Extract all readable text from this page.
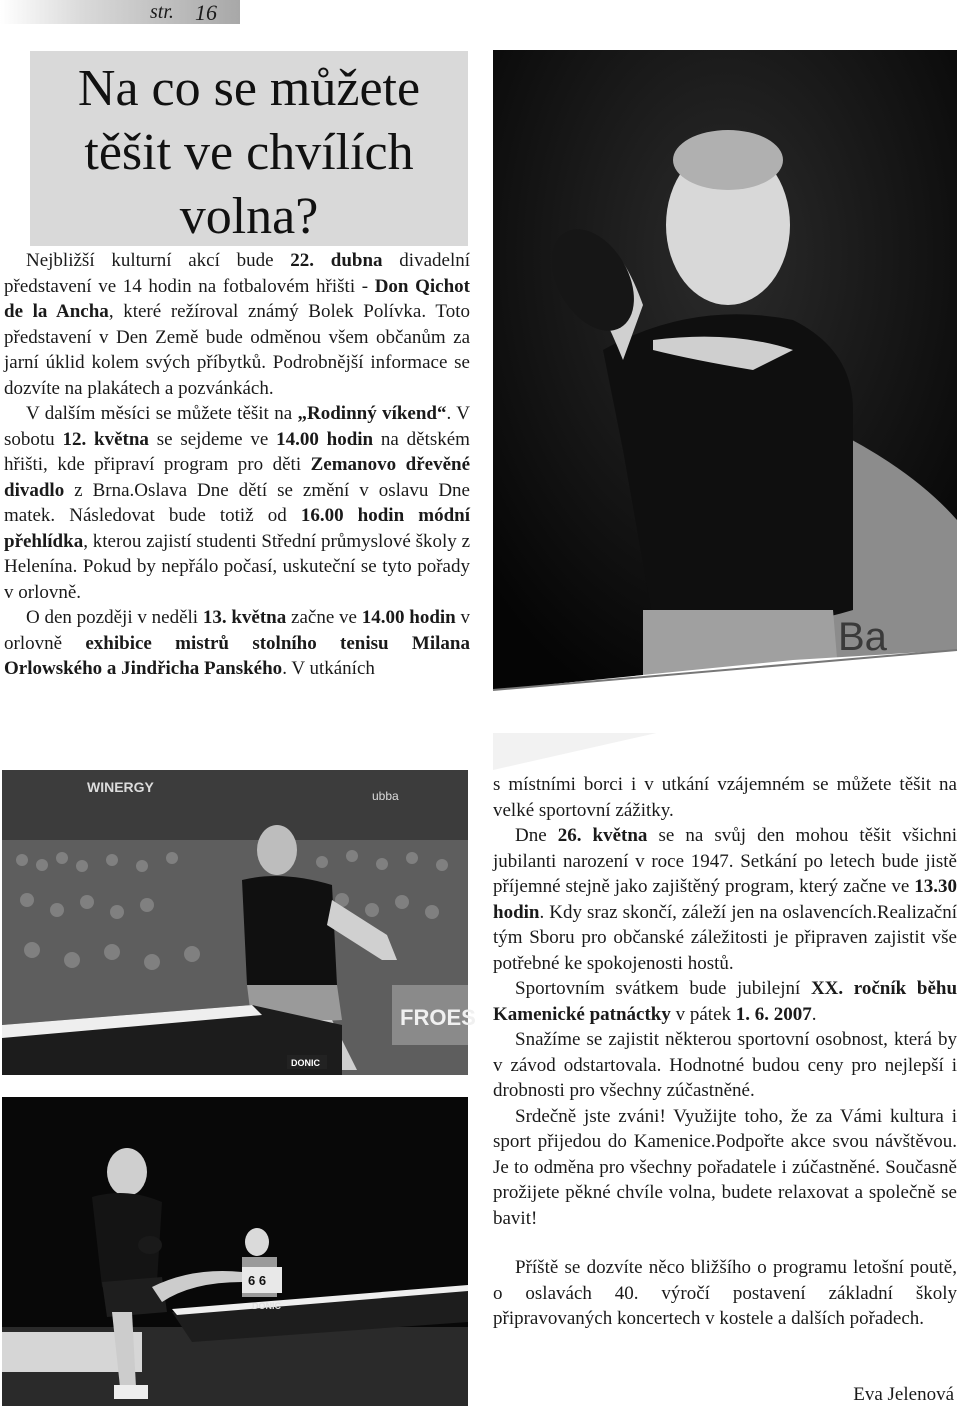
str. 16
Na co se můžete
těšit ve chvílích
volna?

Nejbližší kulturní akcí bude 22. dubna divadelní představení ve 14 hodin na fotbalovém hřišti - Don Qichot de la Ancha, které režíroval známý Bolek Polívka. Toto představení v Den Země bude odměnou všem občanům za jarní úklid kolem svých příbytků. Podrobnější informace se dozvíte na plakátech a pozvánkách.

V dalším měsíci se můžete těšit na „Rodinný víkend“. V sobotu 12. května se sejdeme ve 14.00 hodin na dětském hřišti, kde připraví program pro děti Zemanovo dřevěné divadlo z Brna.Oslava Dne dětí se změní v oslavu Dne matek. Následovat bude totiž od 16.00 hodin módní přehlídka, kterou zajistí studenti Střední průmyslové školy z Helenína. Pokud by nepřálo počasí, uskuteční se tyto pořady v orlovně.

O den později v neděli 13. května začne ve 14.00 hodin v orlovně exhibice mistrů stolního tenisu Milana Orlowského a Jindřicha Panského. V utkáních

Ba
WINERGY
ubba
FROES
DONIC
6 6
DONIC

s místními borci i v utkání vzájemném se můžete těšit na velké sportovní zážitky.

Dne 26. května se na svůj den mohou těšit všichni jubilanti narození v roce 1947. Setkání po letech bude jistě příjemné stejně jako zajištěný program, který začne ve 13.30 hodin. Kdy sraz skončí, záleží jen na oslavencích.Realizační tým Sboru pro občanské záležitosti je připraven zajistit vše potřebné ke spokojenosti hostů.

Sportovním svátkem bude jubilejní XX. ročník běhu Kamenické patnáctky v pátek 1. 6. 2007.

Snažíme se zajistit některou sportovní osobnost, která by v závod odstartovala. Hodnotné budou ceny pro nejlepší i drobnosti pro všechny zúčastněné.

Srdečně jste zváni! Využijte toho, že za Vámi kultura i sport přijedou do Kamenice.Podpořte akce svou návštěvou. Je to odměna pro všechny pořadatele i zúčastněné. Současně prožijete pěkné chvíle volna, budete relaxovat a společně se bavit!

Příště se dozvíte něco bližšího o programu letošní poutě, o oslavách 40. výročí postavení základní školy připravovaných koncertech v kostele a dalších pořadech.

Eva Jelenová
